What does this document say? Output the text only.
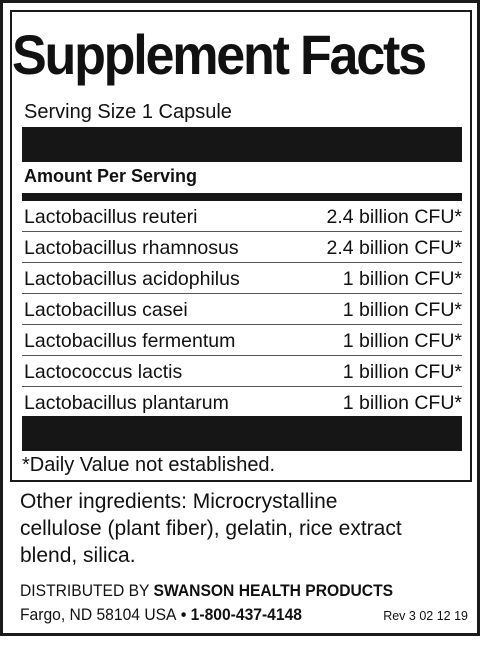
Supplement Facts
Serving Size 1 Capsule
Amount Per Serving
Lactobacillus reuteri	2.4 billion CFU*
Lactobacillus rhamnosus	2.4 billion CFU*
Lactobacillus acidophilus	1 billion CFU*
Lactobacillus casei	1 billion CFU*
Lactobacillus fermentum	1 billion CFU*
Lactococcus lactis	1 billion CFU*
Lactobacillus plantarum	1 billion CFU*
*Daily Value not established.

Other ingredients: Microcrystalline

cellulose (plant fiber), gelatin, rice extract

blend, silica.

DISTRIBUTED BY SWANSON HEALTH PRODUCTS
Fargo, ND 58104 USA • 1-800-437-4148	Rev 3 02 12 19
